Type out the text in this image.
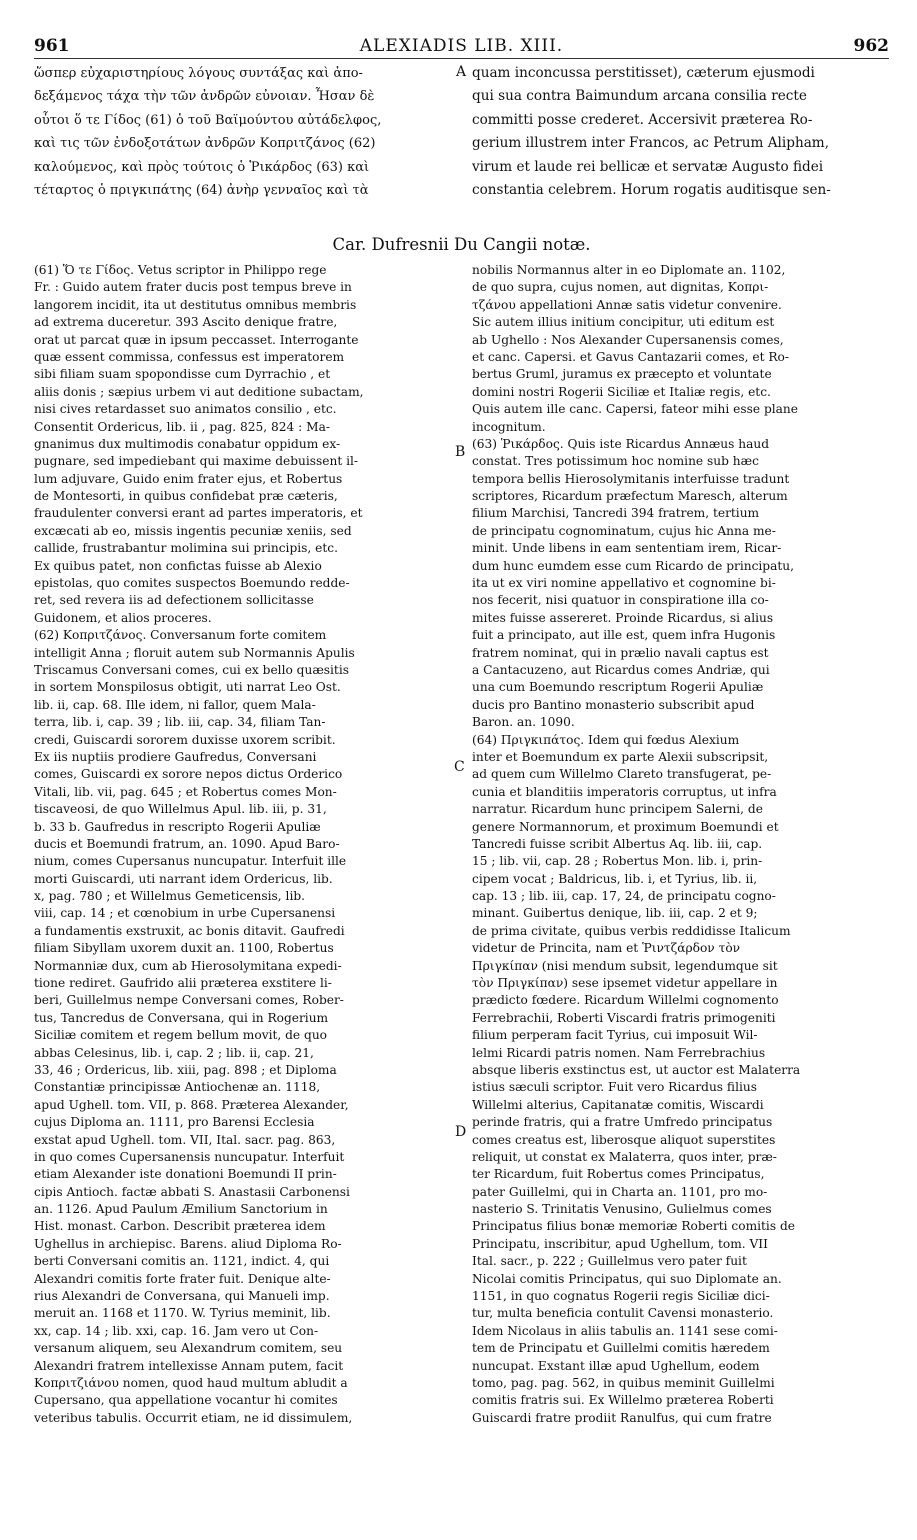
961	ALEXIADIS LIB. XIII.	962
ὥσπερ εὐχαριστηρίους λόγους συντάξας καὶ ἀπο-
δεξάμενος τάχα τὴν τῶν ἀνδρῶν εὐνοιαν. Ἦσαν δὲ
οὗτοι ὅ τε Γίδος (61) ὁ τοῦ Βαϊμούντου αὐτάδελφος,
καὶ τις τῶν ἐνδοξοτάτων ἀνδρῶν Κοπριτζάνος (62)
καλούμενος, καὶ πρὸς τούτοις ὁ Ῥικάρδος (63) καὶ
τέταρτος ὁ πριγκιπάτης (64) ἀνὴρ γενναῖος καὶ τὰ
A quam inconcussa perstitisset), cæterum ejusmodi
qui sua contra Baimundum arcana consilia recte
committi posse crederet. Accersivit præterea Ro-
gerium illustrem inter Francos, ac Petrum Alipham,
virum et laude rei bellicæ et servatæ Augusto fidei
constantia celebrem. Horum rogatis auditisque sen-
Car. Dufresnii Du Cangii notæ.
(61) Ὅ τε Γίδος. Vetus scriptor in Philippo rege
Fr. : Guido autem frater ducis post tempus breve in
langorem incidit, ita ut destitutus omnibus membris
ad extrema duceretur. 393 Ascito denique fratre,
orat ut parcat quæ in ipsum peccasset. Interrogante
quæ essent commissa, confessus est imperatorem
sibi filiam suam spopondisse cum Dyrrachio , et
aliis donis ; sæpius urbem vi aut deditione subactam,
nisi cives retardasset suo animatos consilio , etc.
Consentit Ordericus, lib. ii , pag. 825, 824 : Ma-
gnanimus dux multimodis conabatur oppidum ex-
pugnare, sed impediebant qui maxime debuissent il-
lum adjuvare, Guido enim frater ejus, et Robertus
de Montesorti, in quibus confidebat præ cæteris,
fraudulenter conversi erant ad partes imperatoris, et
excæcati ab eo, missis ingentis pecuniæ xeniis, sed
callide, frustrabantur molimina sui principis, etc.
Ex quibus patet, non confictas fuisse ab Alexio
epistolas, quo comites suspectos Boemundo redde-
ret, sed revera iis ad defectionem sollicitasse
Guidonem, et alios proceres.
(62) Κοπριτζάνος. Conversanum forte comitem
intelligit Anna ; floruit autem sub Normannis Apulis
Triscamus Conversani comes, cui ex bello quæsitis
in sortem Monspilosus obtigit, uti narrat Leo Ost.
lib. ii, cap. 68. Ille idem, ni fallor, quem Mala-
terra, lib. i, cap. 39 ; lib. iii, cap. 34, filiam Tan-
credi, Guiscardi sororem duxisse uxorem scribit.
Ex iis nuptiis prodiere Gaufredus, Conversani
comes, Guiscardi ex sorore nepos dictus Orderico
Vitali, lib. vii, pag. 645 ; et Robertus comes Mon-
tiscaveosi, de quo Willelmus Apul. lib. iii, p. 31,
b. 33 b. Gaufredus in rescripto Rogerii Apuliæ
ducis et Boemundi fratrum, an. 1090. Apud Baro-
nium, comes Cupersanus nuncupatur. Interfuit ille
morti Guiscardi, uti narrant idem Ordericus, lib.
x, pag. 780 ; et Willelmus Gemeticensis, lib.
viii, cap. 14 ; et cœnobium in urbe Cupersanensi
a fundamentis exstruxit, ac bonis ditavit. Gaufredi
filiam Sibyllam uxorem duxit an. 1100, Robertus
Normanniæ dux, cum ab Hierosolymitana expedi-
tione rediret. Gaufrido alii præterea exstitere li-
beri, Guillelmus nempe Conversani comes, Rober-
tus, Tancredus de Conversana, qui in Rogerium
Siciliæ comitem et regem bellum movit, de quo
abbas Celesinus, lib. i, cap. 2 ; lib. ii, cap. 21,
33, 46 ; Ordericus, lib. xiii, pag. 898 ; et Diploma
Constantiæ principissæ Antiochenæ an. 1118,
apud Ughell. tom. VII, p. 868. Præterea Alexander,
cujus Diploma an. 1111, pro Barensi Ecclesia
exstat apud Ughell. tom. VII, Ital. sacr. pag. 863,
in quo comes Cupersanensis nuncupatur. Interfuit
etiam Alexander iste donationi Boemundi II prin-
cipis Antioch. factæ abbati S. Anastasii Carbonensi
an. 1126. Apud Paulum Æmilium Sanctorium in
Hist. monast. Carbon. Describit præterea idem
Ughellus in archiepisc. Barens. aliud Diploma Ro-
berti Conversani comitis an. 1121, indict. 4, qui
Alexandri comitis forte frater fuit. Denique alte-
rius Alexandri de Conversana, qui Manueli imp.
meruit an. 1168 et 1170. W. Tyrius meminit, lib.
xx, cap. 14 ; lib. xxi, cap. 16. Jam vero ut Con-
versanum aliquem, seu Alexandrum comitem, seu
Alexandri fratrem intellexisse Annam putem, facit
Κοπριτζιάνου nomen, quod haud multum abludit a
Cupersano, qua appellatione vocantur hi comites
veteribus tabulis. Occurrit etiam, ne id dissimulem,
B
C
D
nobilis Normannus alter in eo Diplomate an. 1102,
de quo supra, cujus nomen, aut dignitas, Κοπρι-
τζάνου appellationi Annæ satis videtur convenire.
Sic autem illius initium concipitur, uti editum est
ab Ughello : Nos Alexander Cupersanensis comes,
et canc. Capersi. et Gavus Cantazarii comes, et Ro-
bertus Gruml, juramus ex præcepto et voluntate
domini nostri Rogerii Siciliæ et Italiæ regis, etc.
Quis autem ille canc. Capersi, fateor mihi esse plane
incognitum.
(63) Ῥικάρδος. Quis iste Ricardus Annæus haud
constat. Tres potissimum hoc nomine sub hæc
tempora bellis Hierosolymitanis interfuisse tradunt
scriptores, Ricardum præfectum Maresch, alterum
filium Marchisi, Tancredi 394 fratrem, tertium
de principatu cognominatum, cujus hic Anna me-
minit. Unde libens in eam sententiam irem, Ricar-
dum hunc eumdem esse cum Ricardo de principatu,
ita ut ex viri nomine appellativo et cognomine bi-
nos fecerit, nisi quatuor in conspiratione illa co-
mites fuisse assereret. Proinde Ricardus, si alius
fuit a principato, aut ille est, quem infra Hugonis
fratrem nominat, qui in prælio navali captus est
a Cantacuzeno, aut Ricardus comes Andriæ, qui
una cum Boemundo rescriptum Rogerii Apuliæ
ducis pro Bantino monasterio subscribit apud
Baron. an. 1090.
(64) Πριγκιπάτος. Idem qui fœdus Alexium
inter et Boemundum ex parte Alexii subscripsit,
ad quem cum Willelmo Clareto transfugerat, pe-
cunia et blanditiis imperatoris corruptus, ut infra
narratur. Ricardum hunc principem Salerni, de
genere Normannorum, et proximum Boemundi et
Tancredi fuisse scribit Albertus Aq. lib. iii, cap.
15 ; lib. vii, cap. 28 ; Robertus Mon. lib. i, prin-
cipem vocat ; Baldricus, lib. i, et Tyrius, lib. ii,
cap. 13 ; lib. iii, cap. 17, 24, de principatu cogno-
minant. Guibertus denique, lib. iii, cap. 2 et 9;
de prima civitate, quibus verbis reddidisse Italicum
videtur de Princita, nam et Ῥιντζάρδον τὸν
Πριγκίπαν (nisi mendum subsit, legendumque sit
τὸν Πριγκίπαν) sese ipsemet videtur appellare in
prædicto fœdere. Ricardum Willelmi cognomento
Ferrebrachii, Roberti Viscardi fratris primogeniti
filium perperam facit Tyrius, cui imposuit Wil-
lelmi Ricardi patris nomen. Nam Ferrebrachius
absque liberis exstinctus est, ut auctor est Malaterra
istius sæculi scriptor. Fuit vero Ricardus filius
Willelmi alterius, Capitanatæ comitis, Wiscardi
perinde fratris, qui a fratre Umfredo principatus
comes creatus est, liberosque aliquot superstites
reliquit, ut constat ex Malaterra, quos inter, præ-
ter Ricardum, fuit Robertus comes Principatus,
pater Guillelmi, qui in Charta an. 1101, pro mo-
nasterio S. Trinitatis Venusino, Gulielmus comes
Principatus filius bonæ memoriæ Roberti comitis de
Principatu, inscribitur, apud Ughellum, tom. VII
Ital. sacr., p. 222 ; Guillelmus vero pater fuit
Nicolai comitis Principatus, qui suo Diplomate an.
1151, in quo cognatus Rogerii regis Siciliæ dici-
tur, multa beneficia contulit Cavensi monasterio.
Idem Nicolaus in aliis tabulis an. 1141 sese comi-
tem de Principatu et Guillelmi comitis hæredem
nuncupat. Exstant illæ apud Ughellum, eodem
tomo, pag. pag. 562, in quibus meminit Guillelmi
comitis fratris sui. Ex Willelmo præterea Roberti
Guiscardi fratre prodiit Ranulfus, qui cum fratre
